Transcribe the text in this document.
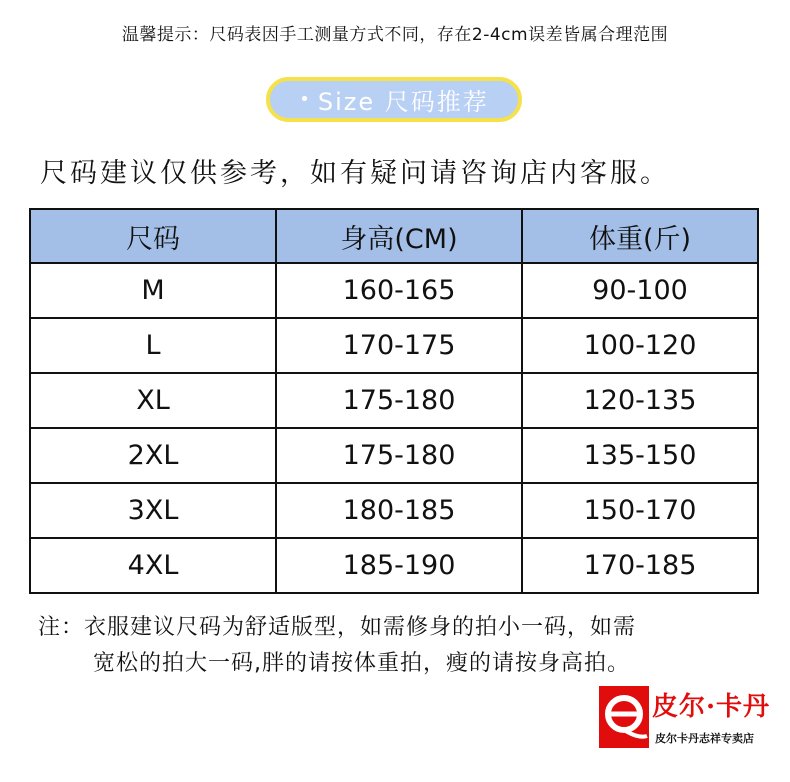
温馨提示：尺码表因手工测量方式不同，存在2-4cm误差皆属合理范围
• Size 尺码推荐
尺码建议仅供参考，如有疑问请咨询店内客服。
尺码	身高(CM)	体重(斤)
M	160-165	90-100
L	170-175	100-120
XL	175-180	120-135
2XL	175-180	135-150
3XL	180-185	150-170
4XL	185-190	170-185
注：衣服建议尺码为舒适版型，如需修身的拍小一码，如需
宽松的拍大一码,胖的请按体重拍，瘦的请按身高拍。
皮尔·卡丹
皮尔卡丹志祥专卖店
